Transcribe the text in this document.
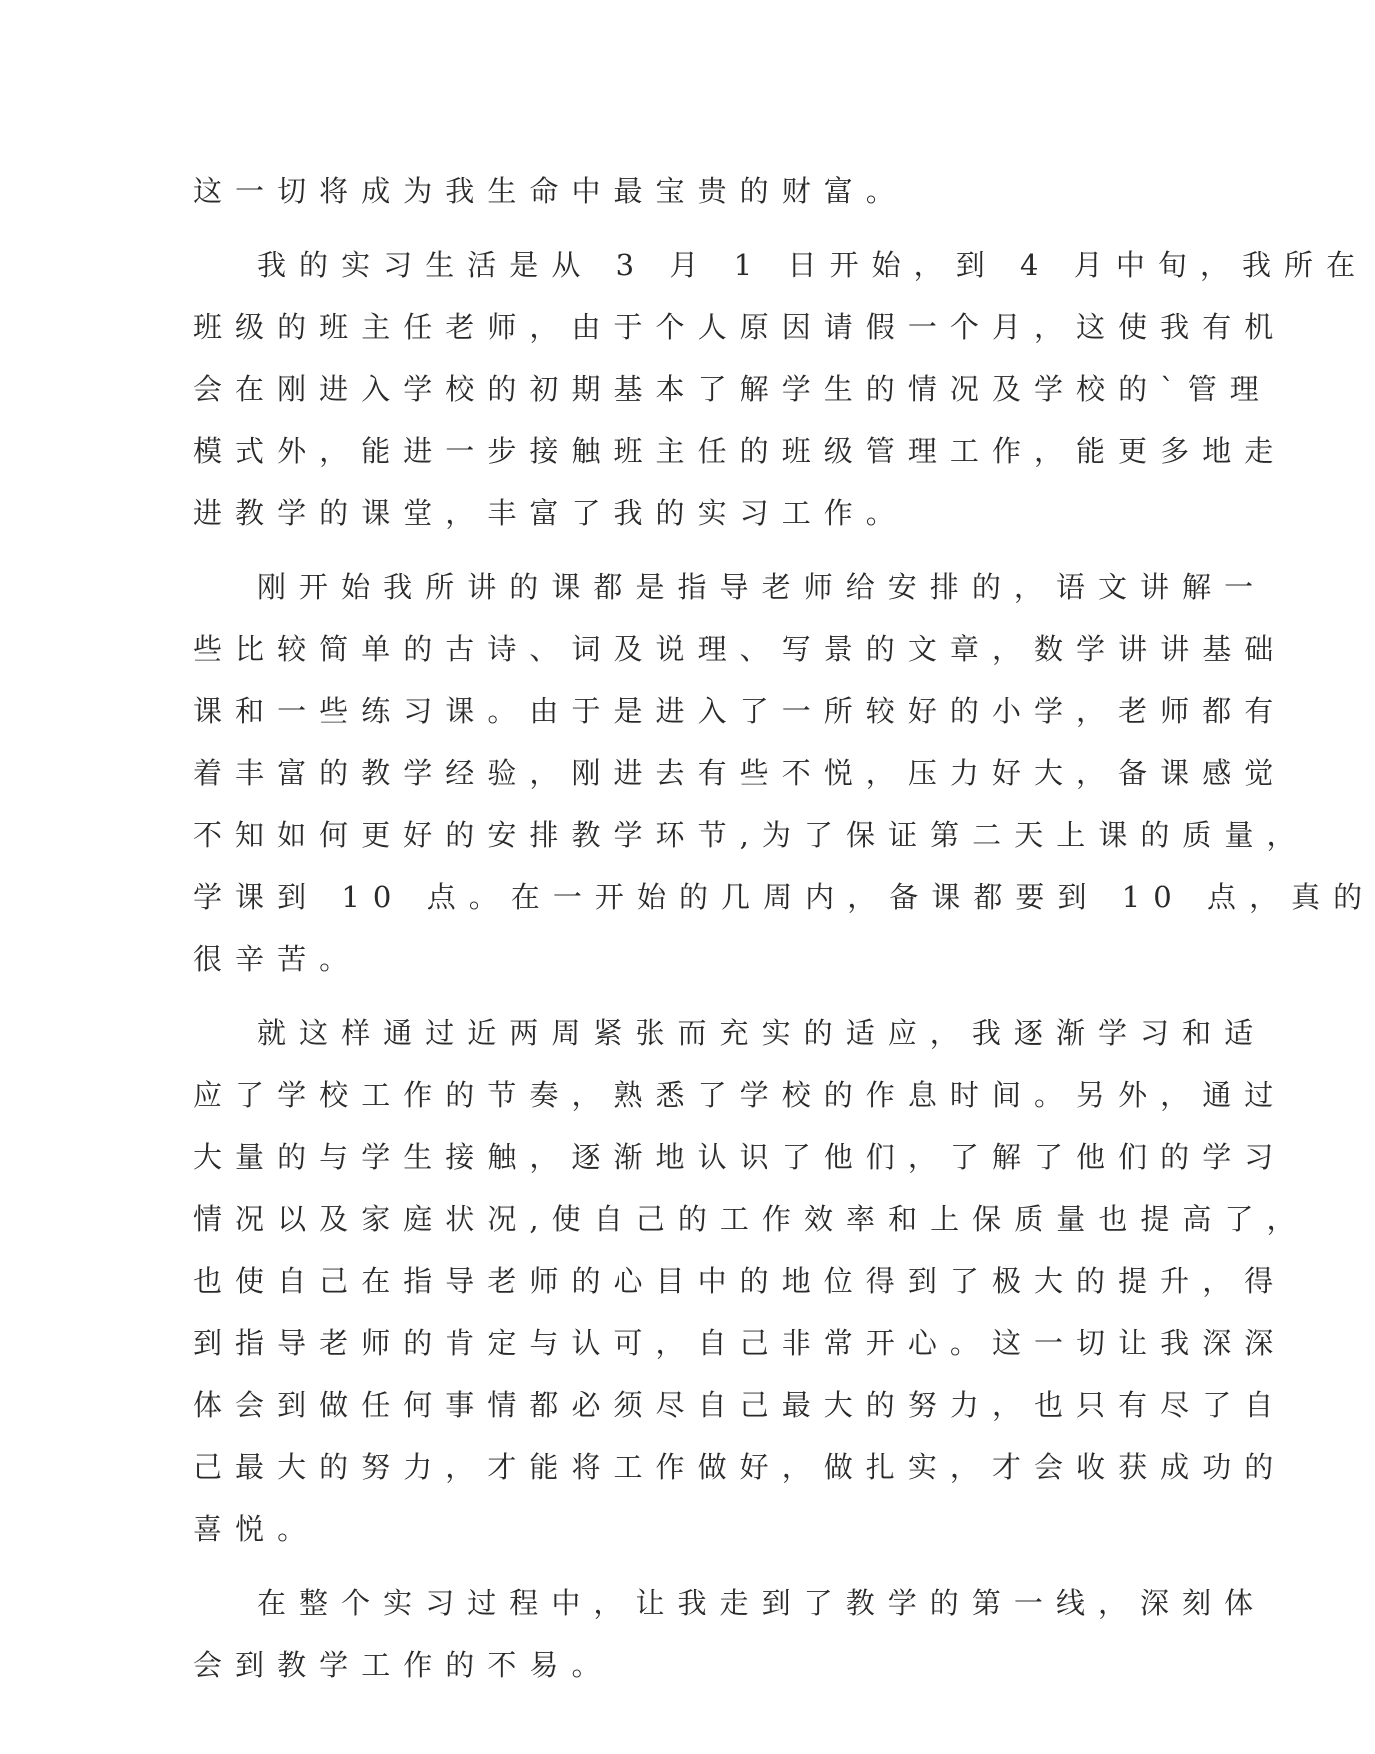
这一切将成为我生命中最宝贵的财富。
我的实习生活是从 3 月 1 日开始，到 4 月中旬，我所在
班级的班主任老师，由于个人原因请假一个月，这使我有机
会在刚进入学校的初期基本了解学生的情况及学校的`管理
模式外，能进一步接触班主任的班级管理工作，能更多地走
进教学的课堂，丰富了我的实习工作。
刚开始我所讲的课都是指导老师给安排的，语文讲解一
些比较简单的古诗、词及说理、写景的文章，数学讲讲基础
课和一些练习课。由于是进入了一所较好的小学，老师都有
着丰富的教学经验，刚进去有些不悦，压力好大，备课感觉
不知如何更好的安排教学环节,为了保证第二天上课的质量，
学课到 10 点。在一开始的几周内，备课都要到 10 点，真的
很辛苦。
就这样通过近两周紧张而充实的适应，我逐渐学习和适
应了学校工作的节奏，熟悉了学校的作息时间。另外，通过
大量的与学生接触，逐渐地认识了他们，了解了他们的学习
情况以及家庭状况,使自己的工作效率和上保质量也提高了，
也使自己在指导老师的心目中的地位得到了极大的提升，得
到指导老师的肯定与认可，自己非常开心。这一切让我深深
体会到做任何事情都必须尽自己最大的努力，也只有尽了自
己最大的努力，才能将工作做好，做扎实，才会收获成功的
喜悦。
在整个实习过程中，让我走到了教学的第一线，深刻体
会到教学工作的不易。
